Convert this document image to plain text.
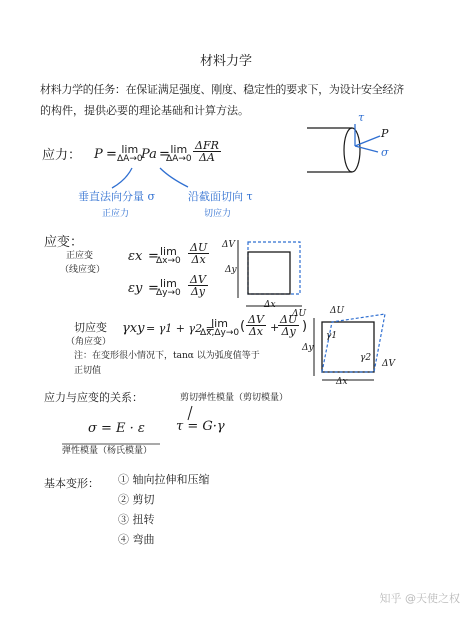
材料力学
材料力学的任务：在保证满足强度、刚度、稳定性的要求下，为设计安全经济
的构件，提供必要的理论基础和计算方法。
应力： P = lim
ΔA→0
Pa = lim
ΔA→0
ΔFR
ΔA
τ
P
σ
垂直法向分量 σ
正应力
沿截面切向 τ
切应力
应变：
正应变
（线应变）
εx = lim
$\Delta x\to 0 \frac{\Delta U}{\Delta x}$
εy = lim
$\Delta y\to 0 \frac{\Delta V}{\Delta y}$
ΔV
Δy
Δx
ΔU
切应变
（角应变）
γxy = γ1 + γ2 =
lim
Δx,Δy→0 ( $\frac{\Delta V}{\Delta x}$ +
$\frac{\Delta U}{\Delta y}$ )
注：在变形很小情况下，tanα 以为弧度值等于
正切值
ΔU
ΔV
Δx
Δy
γ1
γ2
应力与应变的关系：	剪切弹性模量（剪切模量）
σ = E · ε τ = G·γ
弹性模量（杨氏模量）
基本变形： ① 轴向拉伸和压缩
② 剪切
③ 扭转
④ 弯曲
知乎 @天使之权
